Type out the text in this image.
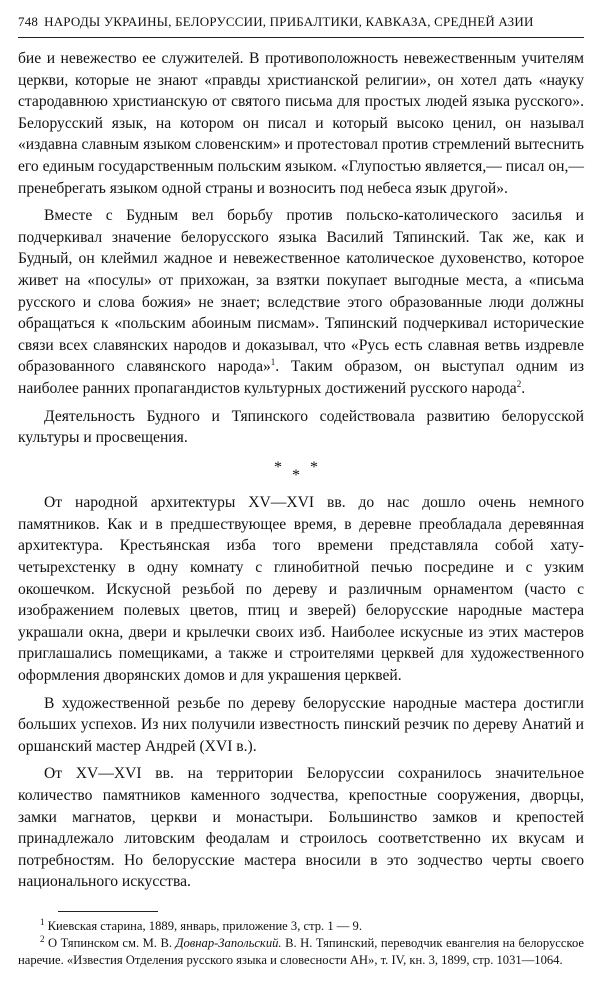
748 НАРОДЫ УКРАИНЫ, БЕЛОРУССИИ, ПРИБАЛТИКИ, КАВКАЗА, СРЕДНЕЙ АЗИИ

бие и невежество ее служителей. В противоположность невежественным учителям церкви, которые не знают «правды христианской религии», он хотел дать «науку стародавнюю христианскую от святого письма для простых людей языка русского». Белорусский язык, на котором он писал и который высоко ценил, он называл «издавна славным языком словенским» и протестовал против стремлений вытеснить его единым государственным польским языком. «Глупостью является,— писал он,— пренебрегать языком одной страны и возносить под небеса язык другой».

Вместе с Будным вел борьбу против польско-католического засилья и подчеркивал значение белорусского языка Василий Тяпинский. Так же, как и Будный, он клеймил жадное и невежественное католическое духовенство, которое живет на «посулы» от прихожан, за взятки покупает выгодные места, а «письма русского и слова божия» не знает; вследствие этого образованные люди должны обращаться к «польским абоиным писмам». Тяпинский подчеркивал исторические связи всех славянских народов и доказывал, что «Русь есть славная ветвь издревле образованного славянского народа»$^1$. Таким образом, он выступал одним из наиболее ранних пропагандистов культурных достижений русского народа$^2$.

Деятельность Будного и Тяпинского содействовала развитию белорусской культуры и просвещения.

***

От народной архитектуры XV—XVI вв. до нас дошло очень немного памятников. Как и в предшествующее время, в деревне преобладала деревянная архитектура. Крестьянская изба того времени представляла собой хату-четырехстенку в одну комнату с глинобитной печью посредине и с узким окошечком. Искусной резьбой по дереву и различным орнаментом (часто с изображением полевых цветов, птиц и зверей) белорусские народные мастера украшали окна, двери и крылечки своих изб. Наиболее искусные из этих мастеров приглашались помещиками, а также и строителями церквей для художественного оформления дворянских домов и для украшения церквей.

В художественной резьбе по дереву белорусские народные мастера достигли больших успехов. Из них получили известность пинский резчик по дереву Анатий и оршанский мастер Андрей (XVI в.).

От XV—XVI вв. на территории Белоруссии сохранилось значительное количество памятников каменного зодчества, крепостные сооружения, дворцы, замки магнатов, церкви и монастыри. Большинство замков и крепостей принадлежало литовским феодалам и строилось соответственно их вкусам и потребностям. Но белорусские мастера вносили в это зодчество черты своего национального искусства.

$^1$ Киевская старина, 1889, январь, приложение 3, стр. 1 — 9.

$^2$ О Тяпинском см. М. В. Довнар-Запольский. В. Н. Тяпинский, переводчик евангелия на белорусское наречие. «Известия Отделения русского языка и словесности АН», т. IV, кн. 3, 1899, стр. 1031—1064.
